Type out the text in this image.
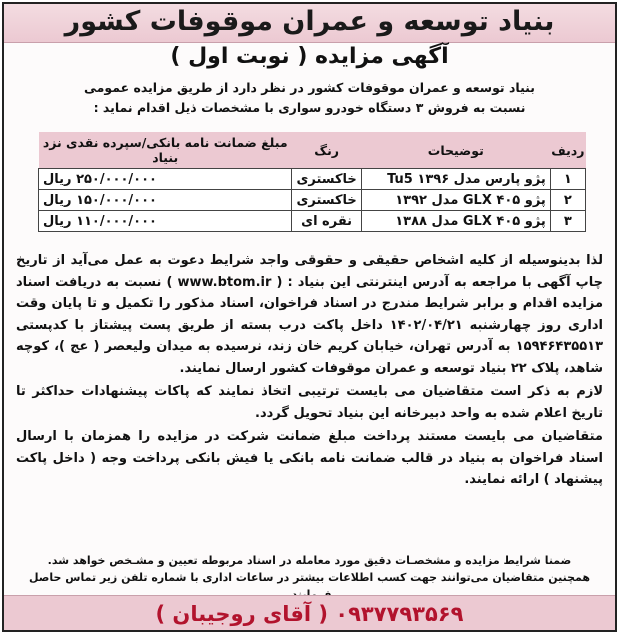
بنیاد توسعه و عمران موقوفات کشور
آگهی مزایده ( نوبت اول )
بنیاد توسعه و عمران موقوفات کشور در نظر دارد از طریق مزایده عمومی
نسبت به فروش ۳ دستگاه خودرو سواری با مشخصات ذیل اقدام نماید :
ردیف	توضیحات	رنگ	مبلغ ضمانت نامه بانکی/سپرده نقدی نزد بنیاد
۱	پژو پارس مدل ۱۳۹۶ Tu5	خاکستری	۲۵۰/۰۰۰/۰۰۰ ریال
۲	پژو ۴۰۵ GLX مدل ۱۳۹۲	خاکستری	۱۵۰/۰۰۰/۰۰۰ ریال
۳	پژو ۴۰۵ GLX مدل ۱۳۸۸	نقره ای	۱۱۰/۰۰۰/۰۰۰ ریال

لذا بدینوسیله از کلیه اشخاص حقیقی و حقوقی واجد شرایط دعوت به عمل می‌آید از تاریخ چاپ آگهی با مراجعه به آدرس اینترنتی این بنیاد : ( www.btom.ir ) نسبت به دریافت اسناد مزایده اقدام و برابر شرایط مندرج در اسناد فراخوان، اسناد مذکور را تکمیل و تا پایان وقت اداری روز چهارشنبه ۱۴۰۲/۰۴/۲۱ داخل پاکت درب بسته از طریق پست پیشتاز با کدپستی ۱۵۹۴۶۴۳۵۵۱۳ به آدرس تهران، خیابان کریم خان زند، نرسیده به میدان ولیعصر ( عج )، کوچه شاهد، پلاک ۲۲ بنیاد توسعه و عمران موقوفات کشور ارسال نمایند.

لازم به ذکر است متقاضیان می بایست ترتیبی اتخاذ نمایند که پاکات پیشنهادات حداکثر تا تاریخ اعلام شده به واحد دبیرخانه این بنیاد تحویل گردد.

متقاضیان می بایست مستند پرداخت مبلغ ضمانت شرکت در مزایده را همزمان با ارسال اسناد فراخوان به بنیاد در قالب ضمانت نامه بانکی یا فیش بانکی پرداخت وجه ( داخل پاکت پیشنهاد ) ارائه نمایند.

ضمنا شرایط مزایده و مشخصـات دقیق مورد معامله در اسناد مربوطه تعیین و مشـخص خواهد شد.
همچنین متقاضیان می‌توانند جهت کسب اطلاعات بیشتر در ساعات اداری با شماره تلفن زیر تماس حاصل
۰۹۳۷۷۹۳۵۶۹ ( آقای روجیبان )
